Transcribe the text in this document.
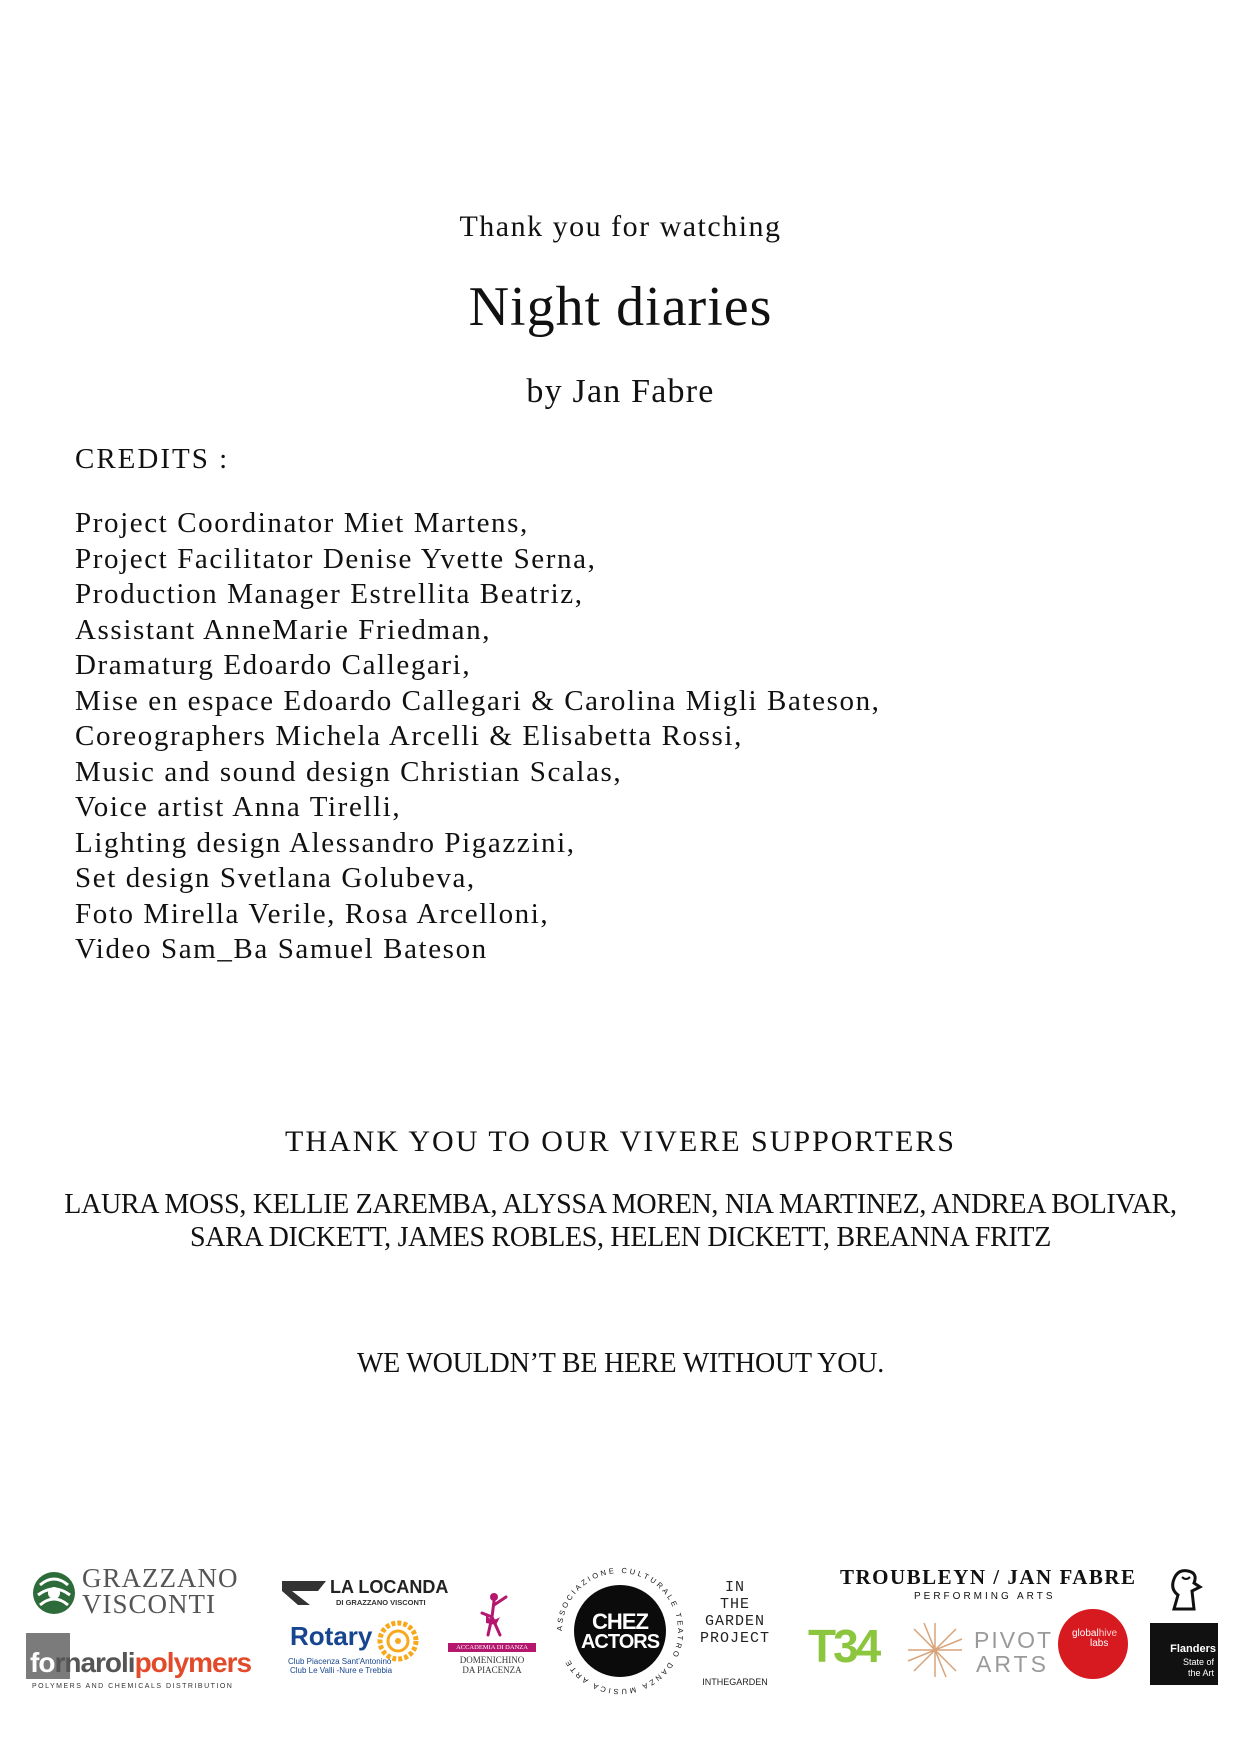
Thank you for watching
Night diaries
by Jan Fabre
CREDITS :
Project Coordinator Miet Martens,
Project Facilitator Denise Yvette Serna,
Production Manager Estrellita Beatriz,
Assistant AnneMarie Friedman,
Dramaturg Edoardo Callegari,
Mise en espace Edoardo Callegari & Carolina Migli Bateson,
Coreographers Michela Arcelli & Elisabetta Rossi,
Music and sound design Christian Scalas,
Voice artist Anna Tirelli,
Lighting design Alessandro Pigazzini,
Set design Svetlana Golubeva,
Foto Mirella Verile, Rosa Arcelloni,
Video Sam_Ba Samuel Bateson
THANK YOU TO OUR VIVERE SUPPORTERS
LAURA MOSS, KELLIE ZAREMBA, ALYSSA MOREN, NIA MARTINEZ, ANDREA BOLIVAR, SARA DICKETT, JAMES ROBLES, HELEN DICKETT, BREANNA FRITZ
WE WOULDN’T BE HERE WITHOUT YOU.
GRAZZANO
VISCONTI
fornarolipolymers
POLYMERS AND CHEMICALS DISTRIBUTION
LA LOCANDA
DI GRAZZANO VISCONTI
Rotary
Club Piacenza Sant'Antonino
Club Le Valli -Nure e Trebbia
ACCADEMIA DI DANZA
DOMENICHINO
DA PIACENZA
ASSOCIAZIONE CULTURALE TEATRO DANZA MUSICA ARTE
CHEZ
ACTORS
IN
THE
GARDEN
PROJECT
INTHEGARDEN
TROUBLEYN / JAN FABRE
PERFORMING ARTS
T34	PIVOT
ARTS
globalhive
labs	Flanders
State of
the Art
